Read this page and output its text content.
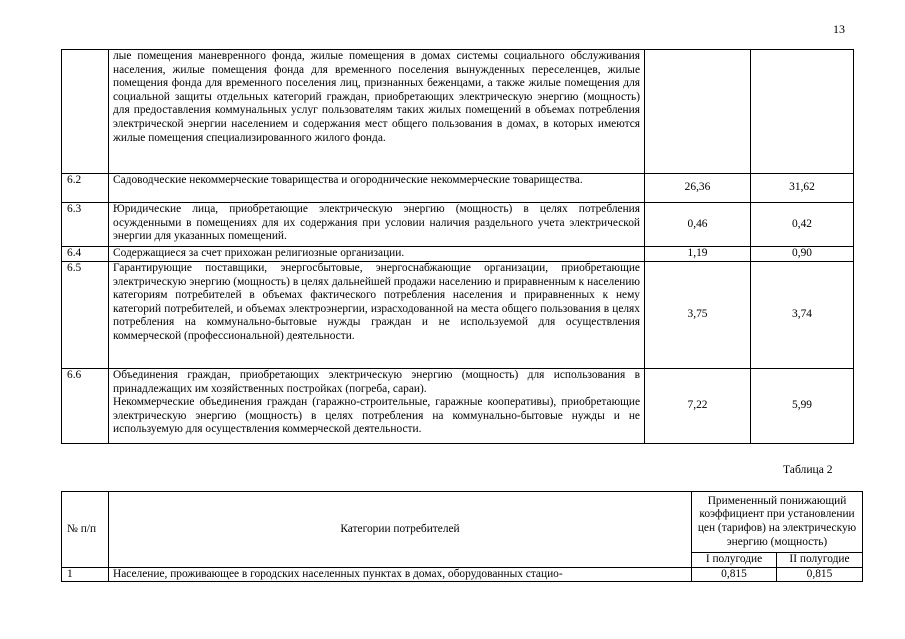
13

	лые помещения маневренного фонда, жилые помещения в домах системы социального обслуживания населения, жилые помещения фонда для временного поселения вынужденных переселенцев, жилые помещения фонда для временного поселения лиц, признанных беженцами, а также жилые помещения для социальной защиты отдельных категорий граждан, приобретающих электрическую энергию (мощность) для предоставления коммунальных услуг пользователям таких жилых помещений в объемах потребления электрической энергии населением и содержания мест общего пользования в домах, в которых имеются жилые помещения специализированного жилого фонда.		

6.2	Садоводческие некоммерческие товарищества и огороднические некоммерческие товарищества.	26,36	31,62
6.3	Юридические лица, приобретающие электрическую энергию (мощность) в целях потребления осужденными в помещениях для их содержания при условии наличия раздельного учета электрической энергии для указанных помещений.	0,46	0,42
6.4	Содержащиеся за счет прихожан религиозные организации.	1,19	0,90
6.5	Гарантирующие поставщики, энергосбытовые, энергоснабжающие организации, приобретающие электрическую энергию (мощность) в целях дальнейшей продажи населению и приравненным к населению категориям потребителей в объемах фактического потребления населения и приравненных к нему категорий потребителей, и объемах электроэнергии, израсходованной на места общего пользования в целях потребления на коммунально-бытовые нужды граждан и не используемой для осуществления коммерческой (профессиональной) деятельности.	3,75	3,74
6.6	Объединения граждан, приобретающих электрическую энергию (мощность) для использования в принадлежащих им хозяйственных постройках (погреба, сараи).
Некоммерческие объединения граждан (гаражно-строительные, гаражные кооперативы), приобретающие электрическую энергию (мощность) в целях потребления на коммунально-бытовые нужды и не используемую для осуществления коммерческой деятельности.	7,22	5,99
Таблица 2
№ п/п	Категории потребителей	Примененный понижающий коэффициент при установлении цен (тарифов) на электрическую энергию (мощность)	
		I полугодие	II полугодие
1	Население, проживающее в городских населенных пунктах в домах, оборудованных стацио-	0,815	0,815
